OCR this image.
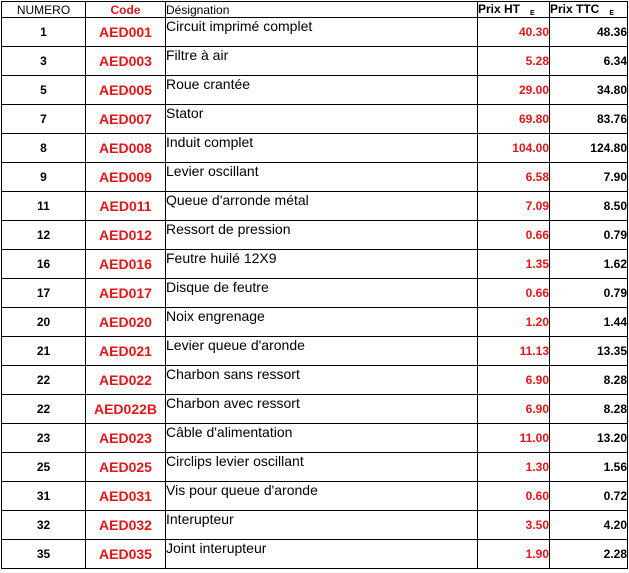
NUMERO	Code	Désignation	Prix HT E	Prix TTC E
1	AED001	Circuit imprimé complet	40.30	48.36
3	AED003	Filtre à air	5.28	6.34
5	AED005	Roue crantée	29.00	34.80
7	AED007	Stator	69.80	83.76
8	AED008	Induit complet	104.00	124.80
9	AED009	Levier oscillant	6.58	7.90
11	AED011	Queue d'arronde métal	7.09	8.50
12	AED012	Ressort de pression	0.66	0.79
16	AED016	Feutre huilé 12X9	1.35	1.62
17	AED017	Disque de feutre	0.66	0.79
20	AED020	Noix engrenage	1.20	1.44
21	AED021	Levier queue d'aronde	11.13	13.35
22	AED022	Charbon sans ressort	6.90	8.28
22	AED022B	Charbon avec ressort	6.90	8.28
23	AED023	Câble d'alimentation	11.00	13.20
25	AED025	Circlips levier oscillant	1.30	1.56
31	AED031	Vis pour queue d'aronde	0.60	0.72
32	AED032	Interupteur	3.50	4.20
35	AED035	Joint interupteur	1.90	2.28
